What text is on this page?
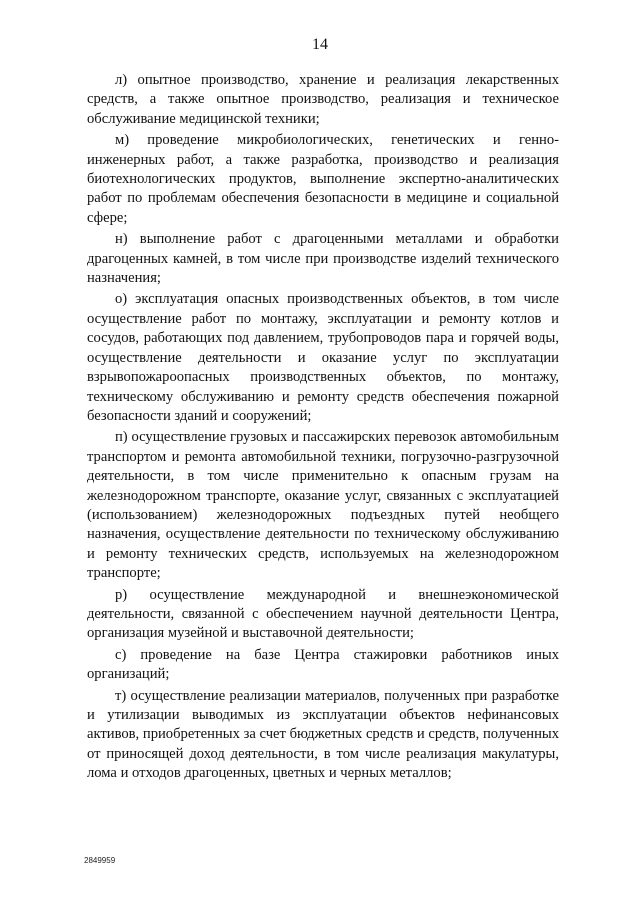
14

л) опытное производство, хранение и реализация лекарственных средств, а также опытное производство, реализация и техническое обслуживание медицинской техники;

м) проведение микробиологических, генетических и генно-инженерных работ, а также разработка, производство и реализация биотехнологических продуктов, выполнение экспертно-аналитических работ по проблемам обеспечения безопасности в медицине и социальной сфере;

н) выполнение работ с драгоценными металлами и обработки драгоценных камней, в том числе при производстве изделий технического назначения;

о) эксплуатация опасных производственных объектов, в том числе осуществление работ по монтажу, эксплуатации и ремонту котлов и сосудов, работающих под давлением, трубопроводов пара и горячей воды, осуществление деятельности и оказание услуг по эксплуатации взрывопожароопасных производственных объектов, по монтажу, техническому обслуживанию и ремонту средств обеспечения пожарной безопасности зданий и сооружений;

п) осуществление грузовых и пассажирских перевозок автомобильным транспортом и ремонта автомобильной техники, погрузочно-разгрузочной деятельности, в том числе применительно к опасным грузам на железнодорожном транспорте, оказание услуг, связанных с эксплуатацией (использованием) железнодорожных подъездных путей необщего назначения, осуществление деятельности по техническому обслуживанию и ремонту технических средств, используемых на железнодорожном транспорте;

р) осуществление международной и внешнеэкономической деятельности, связанной с обеспечением научной деятельности Центра, организация музейной и выставочной деятельности;

с) проведение на базе Центра стажировки работников иных организаций;

т) осуществление реализации материалов, полученных при разработке и утилизации выводимых из эксплуатации объектов нефинансовых активов, приобретенных за счет бюджетных средств и средств, полученных от приносящей доход деятельности, в том числе реализация макулатуры, лома и отходов драгоценных, цветных и черных металлов;

2849959
